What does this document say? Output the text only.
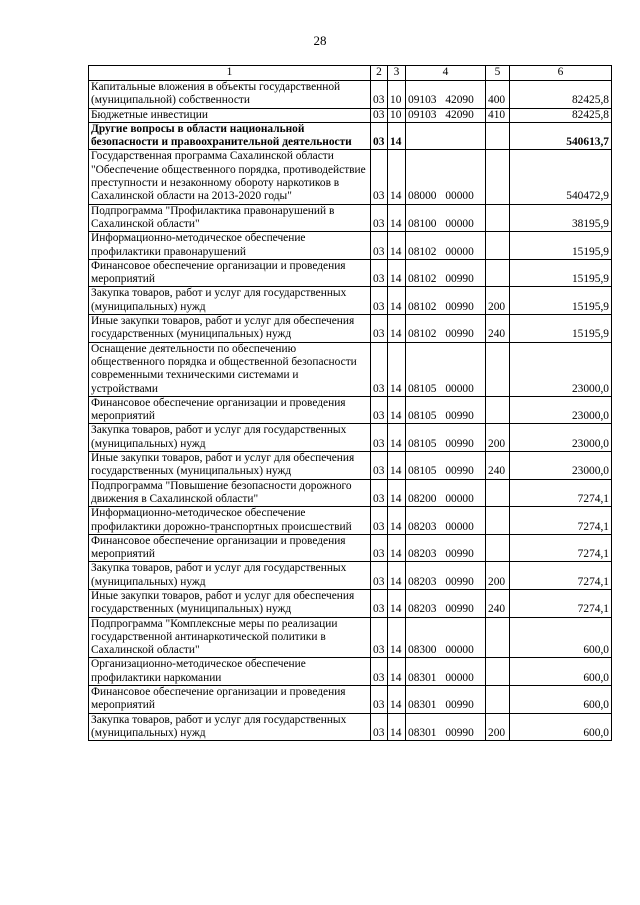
28
1	2	3	4	5	6
Капитальные вложения в объекты государственной (муниципальной) собственности	03	10	09103 42090	400	82425,8
Бюджетные инвестиции	03	10	09103 42090	410	82425,8
Другие вопросы в области национальной безопасности и правоохранительной деятельности	03	14			540613,7
Государственная программа Сахалинской области "Обеспечение общественного порядка, противодействие преступности и незаконному обороту наркотиков в Сахалинской области на 2013-2020 годы"	03	14	08000 00000		540472,9
Подпрограмма "Профилактика правонарушений в Сахалинской области"	03	14	08100 00000		38195,9
Информационно-методическое обеспечение профилактики правонарушений	03	14	08102 00000		15195,9
Финансовое обеспечение организации и проведения мероприятий	03	14	08102 00990		15195,9
Закупка товаров, работ и услуг для государственных (муниципальных) нужд	03	14	08102 00990	200	15195,9
Иные закупки товаров, работ и услуг для обеспечения государственных (муниципальных) нужд	03	14	08102 00990	240	15195,9
Оснащение деятельности по обеспечению общественного порядка и общественной безопасности современными техническими системами и устройствами	03	14	08105 00000		23000,0
Финансовое обеспечение организации и проведения мероприятий	03	14	08105 00990		23000,0
Закупка товаров, работ и услуг для государственных (муниципальных) нужд	03	14	08105 00990	200	23000,0
Иные закупки товаров, работ и услуг для обеспечения государственных (муниципальных) нужд	03	14	08105 00990	240	23000,0
Подпрограмма "Повышение безопасности дорожного движения в Сахалинской области"	03	14	08200 00000		7274,1
Информационно-методическое обеспечение профилактики дорожно-транспортных происшествий	03	14	08203 00000		7274,1
Финансовое обеспечение организации и проведения мероприятий	03	14	08203 00990		7274,1
Закупка товаров, работ и услуг для государственных (муниципальных) нужд	03	14	08203 00990	200	7274,1
Иные закупки товаров, работ и услуг для обеспечения государственных (муниципальных) нужд	03	14	08203 00990	240	7274,1
Подпрограмма "Комплексные меры по реализации государственной антинаркотической политики в Сахалинской области"	03	14	08300 00000		600,0
Организационно-методическое обеспечение профилактики наркомании	03	14	08301 00000		600,0
Финансовое обеспечение организации и проведения мероприятий	03	14	08301 00990		600,0
Закупка товаров, работ и услуг для государственных (муниципальных) нужд	03	14	08301 00990	200	600,0
